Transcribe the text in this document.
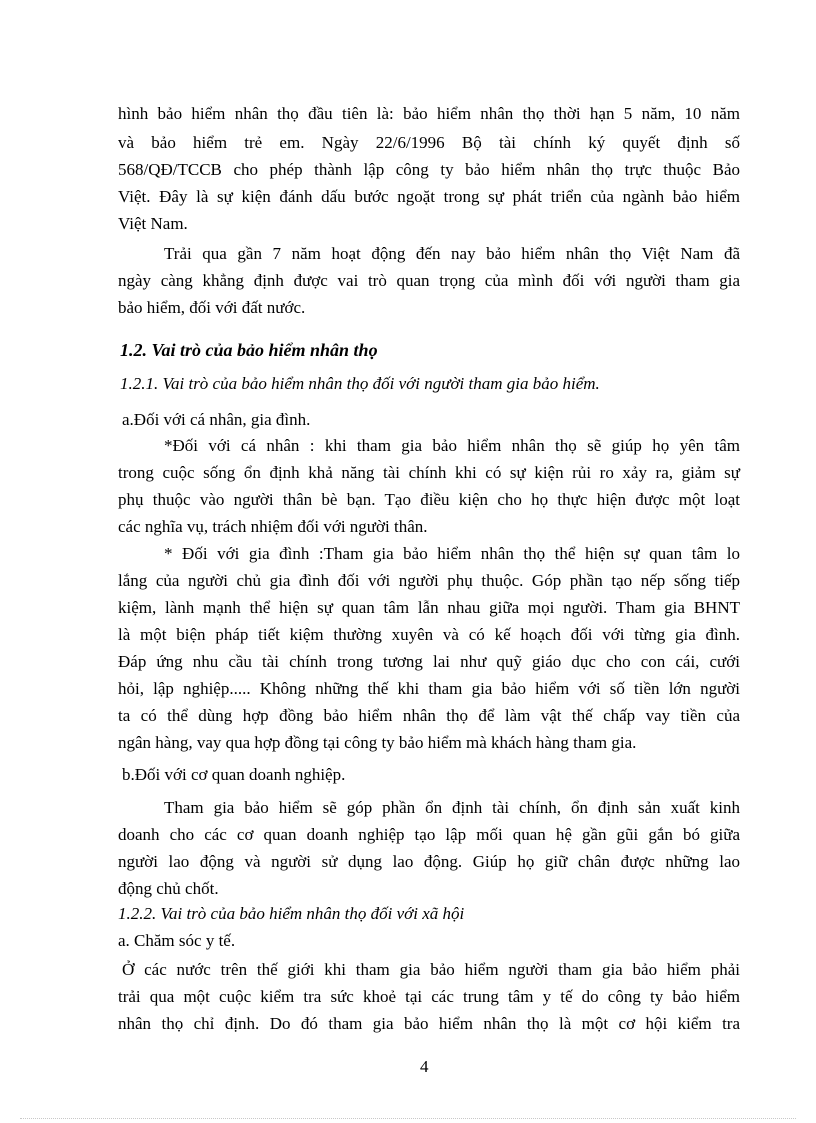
hình bảo hiểm nhân thọ đầu tiên là: bảo hiểm nhân thọ thời hạn 5 năm, 10 năm
và bảo hiểm trẻ em. Ngày 22/6/1996 Bộ tài chính ký quyết định số
568/QĐ/TCCB cho phép thành lập công ty bảo hiểm nhân thọ trực thuộc Bảo
Việt. Đây là sự kiện đánh dấu bước ngoặt trong sự phát triển của ngành bảo hiểm
Việt Nam.
Trải qua gần 7 năm hoạt động đến nay bảo hiểm nhân thọ Việt Nam đã
ngày càng khẳng định được vai trò quan trọng của mình đối với người tham gia
bảo hiểm, đối với đất nước.
1.2. Vai trò của bảo hiểm nhân thọ
1.2.1. Vai trò của bảo hiểm nhân thọ đối với người tham gia bảo hiểm.
a.Đối với cá nhân, gia đình.
*Đối với cá nhân : khi tham gia bảo hiểm nhân thọ sẽ giúp họ yên tâm
trong cuộc sống ổn định khả năng tài chính khi có sự kiện rủi ro xảy ra, giảm sự
phụ thuộc vào người thân bè bạn. Tạo điều kiện cho họ thực hiện được một loạt
các nghĩa vụ, trách nhiệm đối với người thân.
* Đối với gia đình :Tham gia bảo hiểm nhân thọ thể hiện sự quan tâm lo
lắng của người chủ gia đình đối với người phụ thuộc. Góp phần tạo nếp sống tiếp
kiệm, lành mạnh thể hiện sự quan tâm lẫn nhau giữa mọi người. Tham gia BHNT
là một biện pháp tiết kiệm thường xuyên và có kế hoạch đối với từng gia đình.
Đáp ứng nhu cầu tài chính trong tương lai như quỹ giáo dục cho con cái, cưới
hỏi, lập nghiệp..... Không những thế khi tham gia bảo hiểm với số tiền lớn người
ta có thể dùng hợp đồng bảo hiểm nhân thọ để làm vật thế chấp vay tiền của
ngân hàng, vay qua hợp đồng tại công ty bảo hiểm mà khách hàng tham gia.
b.Đối với cơ quan doanh nghiệp.
Tham gia bảo hiểm sẽ góp phần ổn định tài chính, ổn định sản xuất kinh
doanh cho các cơ quan doanh nghiệp tạo lập mối quan hệ gần gũi gắn bó giữa
người lao động và người sử dụng lao động. Giúp họ giữ chân được những lao
động chủ chốt.
1.2.2. Vai trò của bảo hiểm nhân thọ đối với xã hội
a. Chăm sóc y tế.
Ở các nước trên thế giới khi tham gia bảo hiểm người tham gia bảo hiểm phải
trải qua một cuộc kiểm tra sức khoẻ tại các trung tâm y tế do công ty bảo hiểm
nhân thọ chỉ định. Do đó tham gia bảo hiểm nhân thọ là một cơ hội kiểm tra
4
